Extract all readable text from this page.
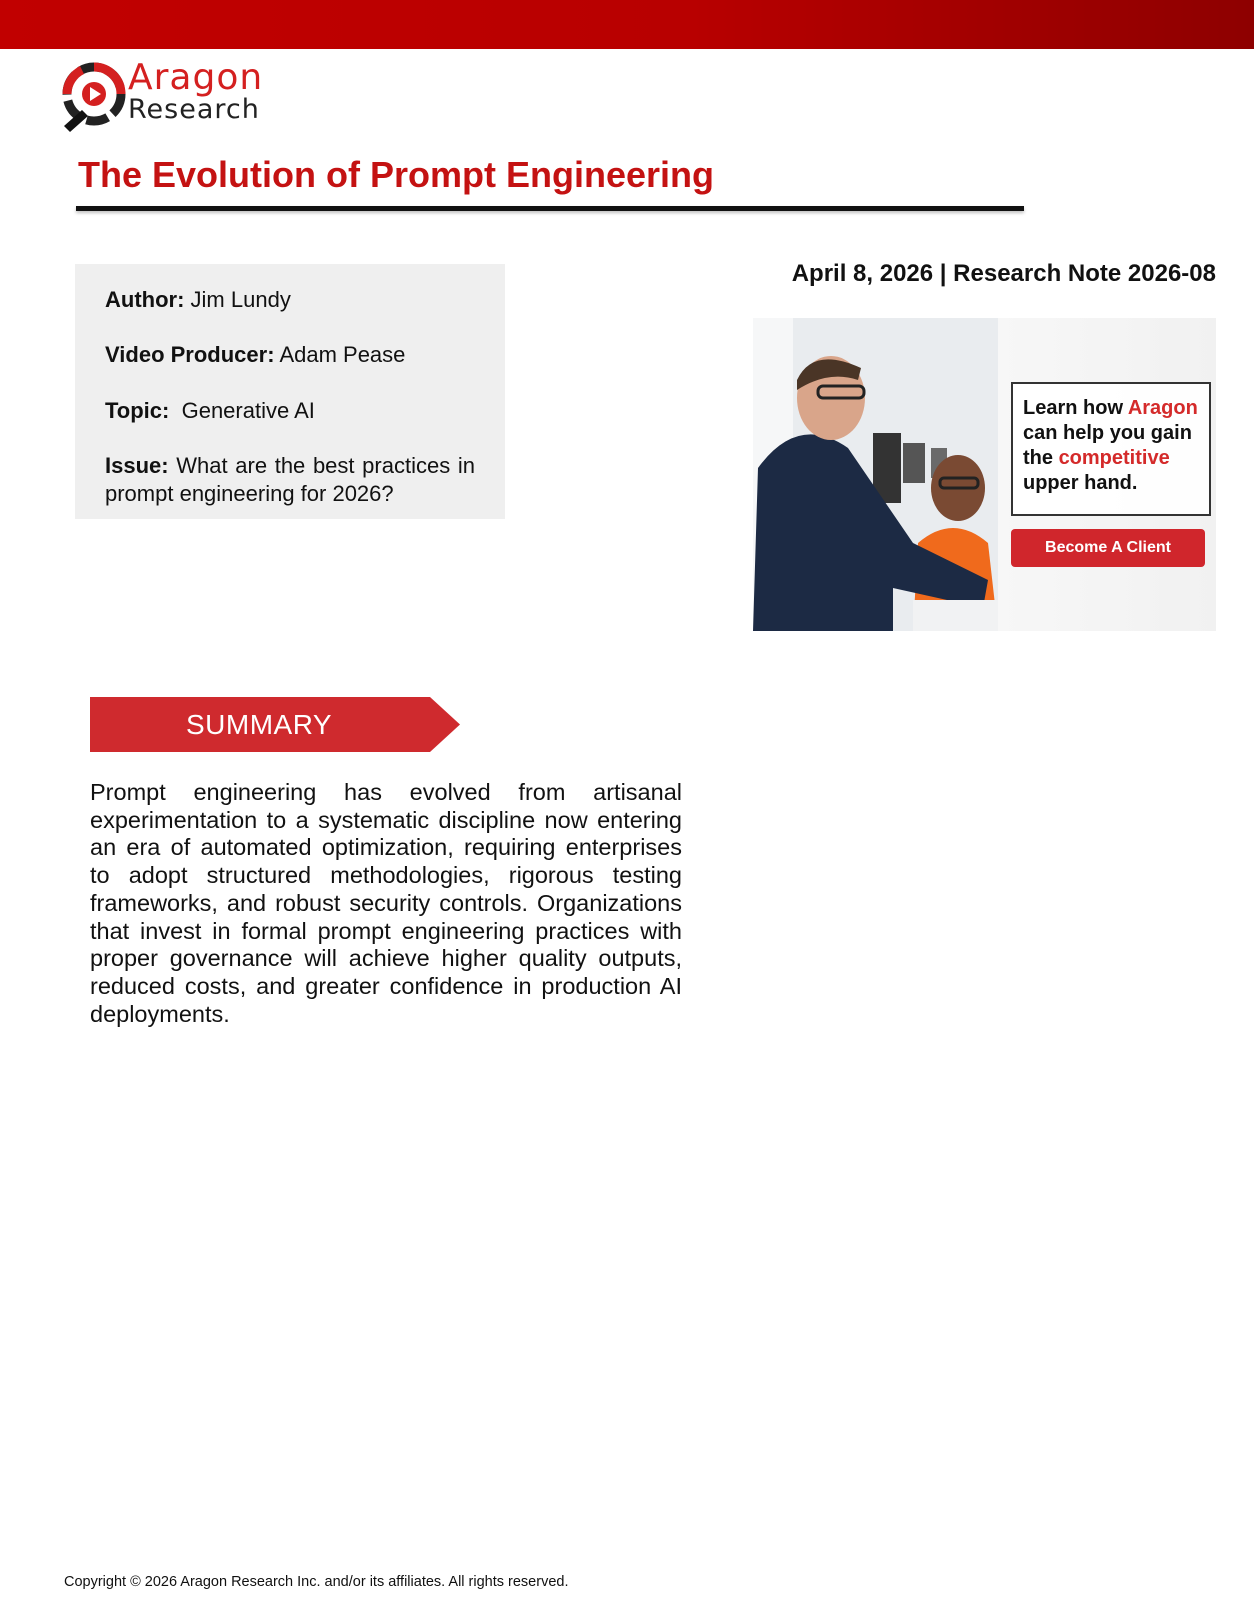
Aragon
Research
The Evolution of Prompt Engineering
Author: Jim Lundy
Video Producer: Adam Pease
Topic: Generative AI
Issue: What are the best practices in prompt engineering for 2026?
April 8, 2026 | Research Note 2026-08
Learn how Aragon can help you gain the competitive upper hand.
Become A Client
SUMMARY

Prompt engineering has evolved from artisanal experimentation to a systematic discipline now entering an era of automated optimization, requiring enterprises to adopt structured methodologies, rigorous testing frameworks, and robust security controls. Organizations that invest in formal prompt engineering practices with proper governance will achieve higher quality outputs, reduced costs, and greater confidence in production AI deployments.

Copyright © 2026 Aragon Research Inc. and/or its affiliates. All rights reserved.
